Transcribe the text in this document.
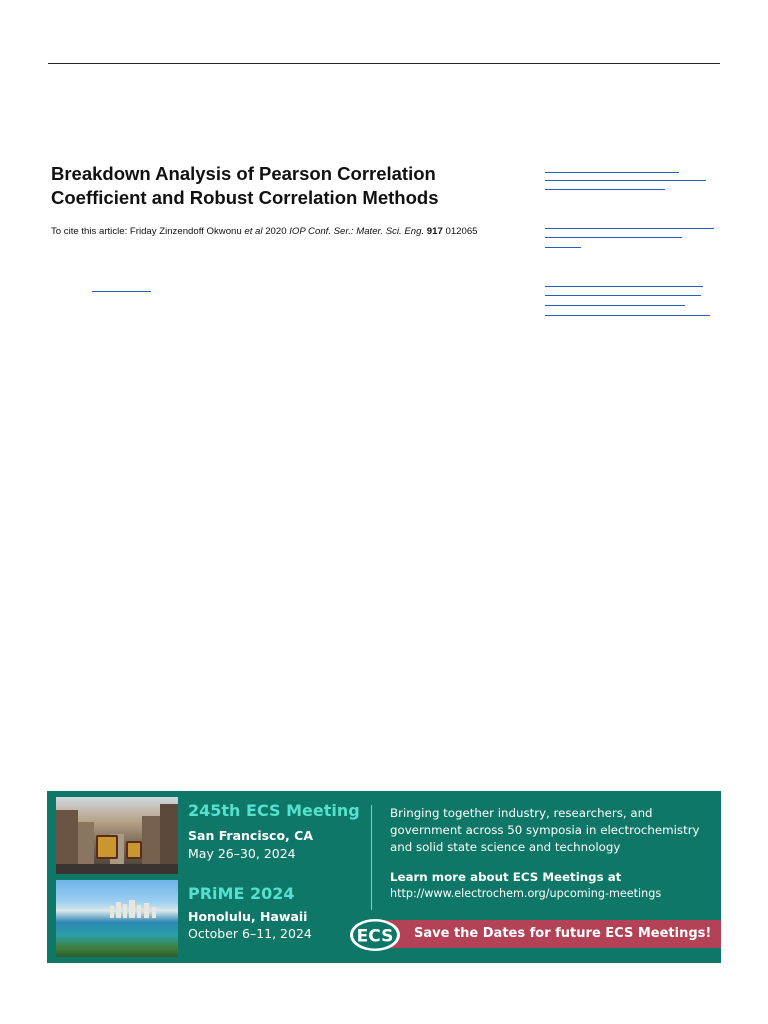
Breakdown Analysis of Pearson Correlation
Coefficient and Robust Correlation Methods
To cite this article: Friday Zinzendoff Okwonu et al 2020 IOP Conf. Ser.: Mater. Sci. Eng. 917 012065
245th ECS Meeting
San Francisco, CA
May 26–30, 2024
PRiME 2024
Honolulu, Hawaii
October 6–11, 2024
Bringing together industry, researchers, and
government across 50 symposia in electrochemistry
and solid state science and technology
Learn more about ECS Meetings at
http://www.electrochem.org/upcoming-meetings
Save the Dates for future ECS Meetings!
ECS
